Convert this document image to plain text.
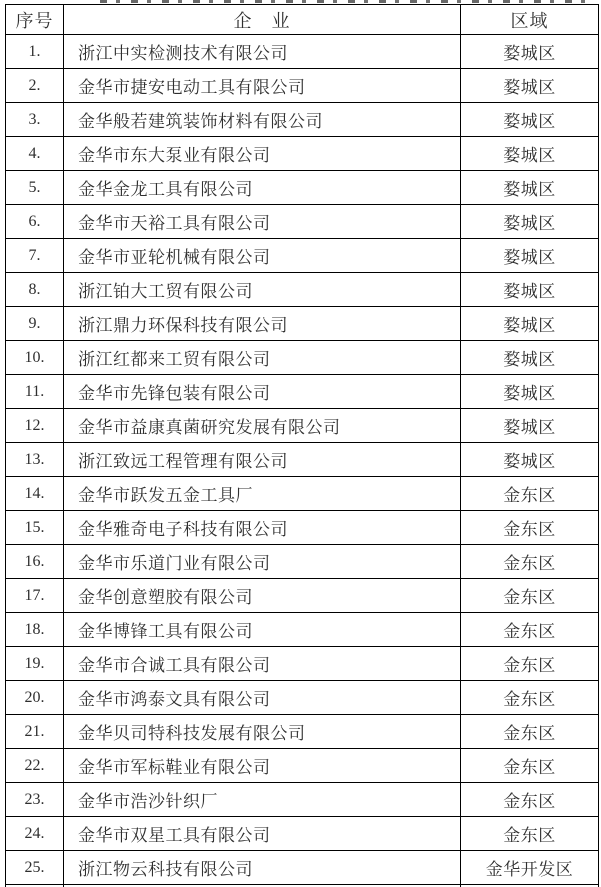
序号	企　业	区域
1.	浙江中实检测技术有限公司	婺城区
2.	金华市捷安电动工具有限公司	婺城区
3.	金华般若建筑装饰材料有限公司	婺城区
4.	金华市东大泵业有限公司	婺城区
5.	金华金龙工具有限公司	婺城区
6.	金华市天裕工具有限公司	婺城区
7.	金华市亚轮机械有限公司	婺城区
8.	浙江铂大工贸有限公司	婺城区
9.	浙江鼎力环保科技有限公司	婺城区
10.	浙江红都来工贸有限公司	婺城区
11.	金华市先锋包装有限公司	婺城区
12.	金华市益康真菌研究发展有限公司	婺城区
13.	浙江致远工程管理有限公司	婺城区
14.	金华市跃发五金工具厂	金东区
15.	金华雅奇电子科技有限公司	金东区
16.	金华市乐道门业有限公司	金东区
17.	金华创意塑胶有限公司	金东区
18.	金华博锋工具有限公司	金东区
19.	金华市合诚工具有限公司	金东区
20.	金华市鸿泰文具有限公司	金东区
21.	金华贝司特科技发展有限公司	金东区
22.	金华市军标鞋业有限公司	金东区
23.	金华市浩沙针织厂	金东区
24.	金华市双星工具有限公司	金东区
25.	浙江物云科技有限公司	金华开发区
